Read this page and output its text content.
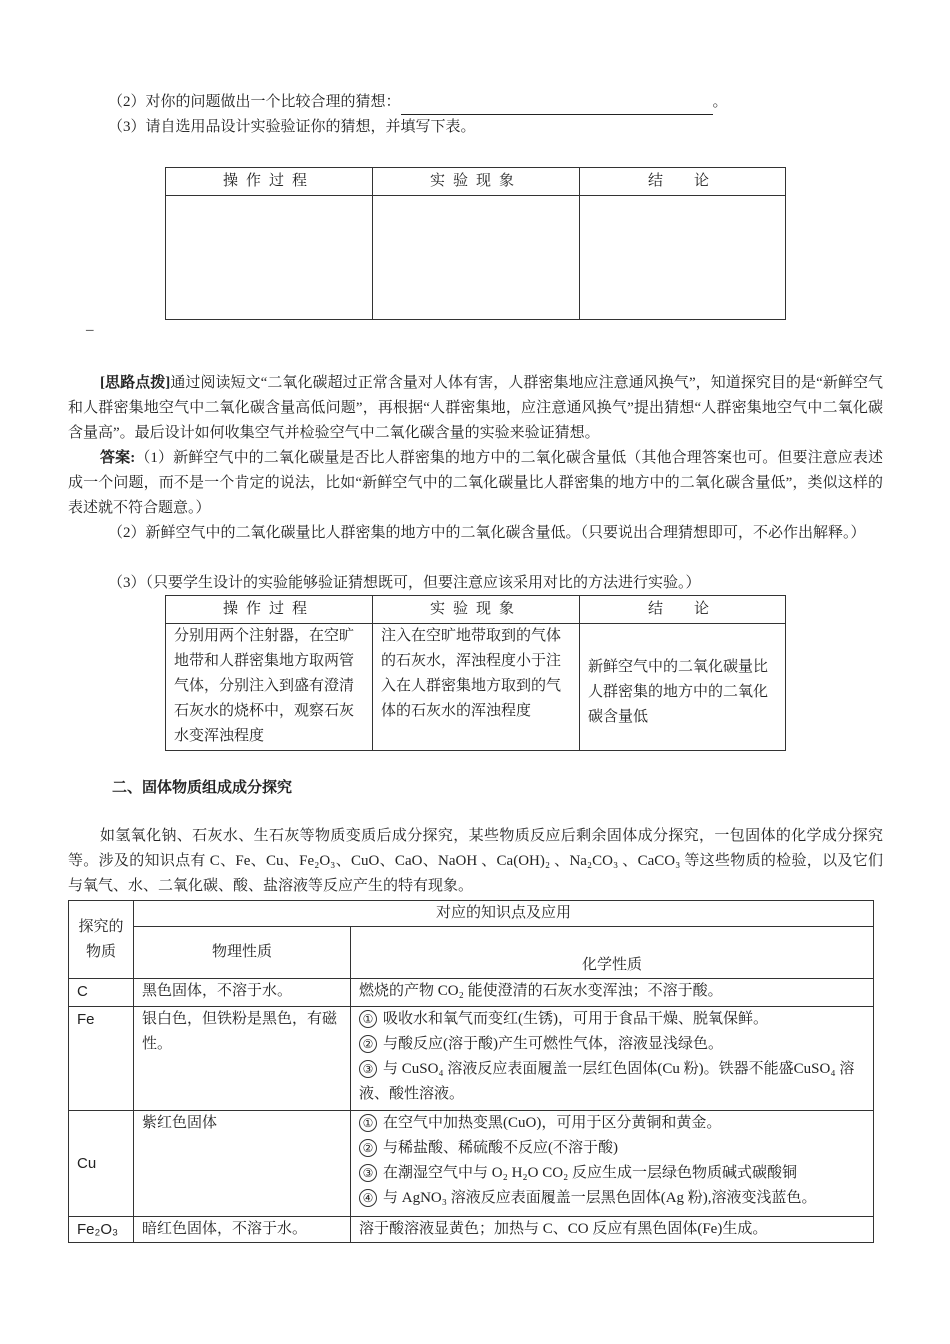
（2）对你的问题做出一个比较合理的猜想：	。
（3）请自选用品设计实验验证你的猜想，并填写下表。
操作过程	实验现象	结　论

–
[思路点拨]通过阅读短文“二氧化碳超过正常含量对人体有害，人群密集地应注意通风换气”，知道探究目的是“新鲜空气和人群密集地空气中二氧化碳含量高低问题”，再根据“人群密集地，应注意通风换气”提出猜想“人群密集地空气中二氧化碳含量高”。最后设计如何收集空气并检验空气中二氧化碳含量的实验来验证猜想。
答案:（1）新鲜空气中的二氧化碳量是否比人群密集的地方中的二氧化碳含量低（其他合理答案也可。但要注意应表述成一个问题，而不是一个肯定的说法，比如“新鲜空气中的二氧化碳量比人群密集的地方中的二氧化碳含量低”，类似这样的表述就不符合题意。）
（2）新鲜空气中的二氧化碳量比人群密集的地方中的二氧化碳含量低。（只要说出合理猜想即可，不必作出解释。）
（3）（只要学生设计的实验能够验证猜想既可，但要注意应该采用对比的方法进行实验。）
操作过程	实验现象	结　论
分别用两个注射器，在空旷地带和人群密集地方取两管气体，分别注入到盛有澄清石灰水的烧杯中，观察石灰水变浑浊程度	注入在空旷地带取到的气体的石灰水，浑浊程度小于注入在人群密集地方取到的气体的石灰水的浑浊程度	新鲜空气中的二氧化碳量比人群密集的地方中的二氧化碳含量低
二、固体物质组成成分探究
如氢氧化钠、石灰水、生石灰等物质变质后成分探究，某些物质反应后剩余固体成分探究，一包固体的化学成分探究等。涉及的知识点有 C、Fe、Cu、Fe₂O₃、CuO、CaO、NaOH 、Ca(OH)₂ 、Na₂CO₃ 、CaCO₃ 等这些物质的检验，以及它们与氧气、水、二氧化碳、酸、盐溶液等反应产生的特有现象。
探究的物质	对应的知识点及应用	
	物理性质	化学性质
C	黑色固体，不溶于水。	燃烧的产物 CO₂ 能使澄清的石灰水变浑浊；不溶于酸。

Fe	银白色，但铁粉是黑色，有磁性。	① 吸收水和氧气而变红(生锈)，可用于食品干燥、脱氧保鲜。
② 与酸反应(溶于酸)产生可燃性气体，溶液显浅绿色。
③ 与 CuSO₄ 溶液反应表面履盖一层红色固体(Cu 粉)。铁器不能盛CuSO₄ 溶液、酸性溶液。

Cu	紫红色固体	① 在空气中加热变黑(CuO)，可用于区分黄铜和黄金。
② 与稀盐酸、稀硫酸不反应(不溶于酸)
③ 在潮湿空气中与 O₂ H₂O CO₂ 反应生成一层绿色物质碱式碳酸铜
④ 与 AgNO₃ 溶液反应表面履盖一层黑色固体(Ag 粉),溶液变浅蓝色。

Fe₂O₃	暗红色固体，不溶于水。	溶于酸溶液显黄色；加热与 C、CO 反应有黑色固体(Fe)生成。
